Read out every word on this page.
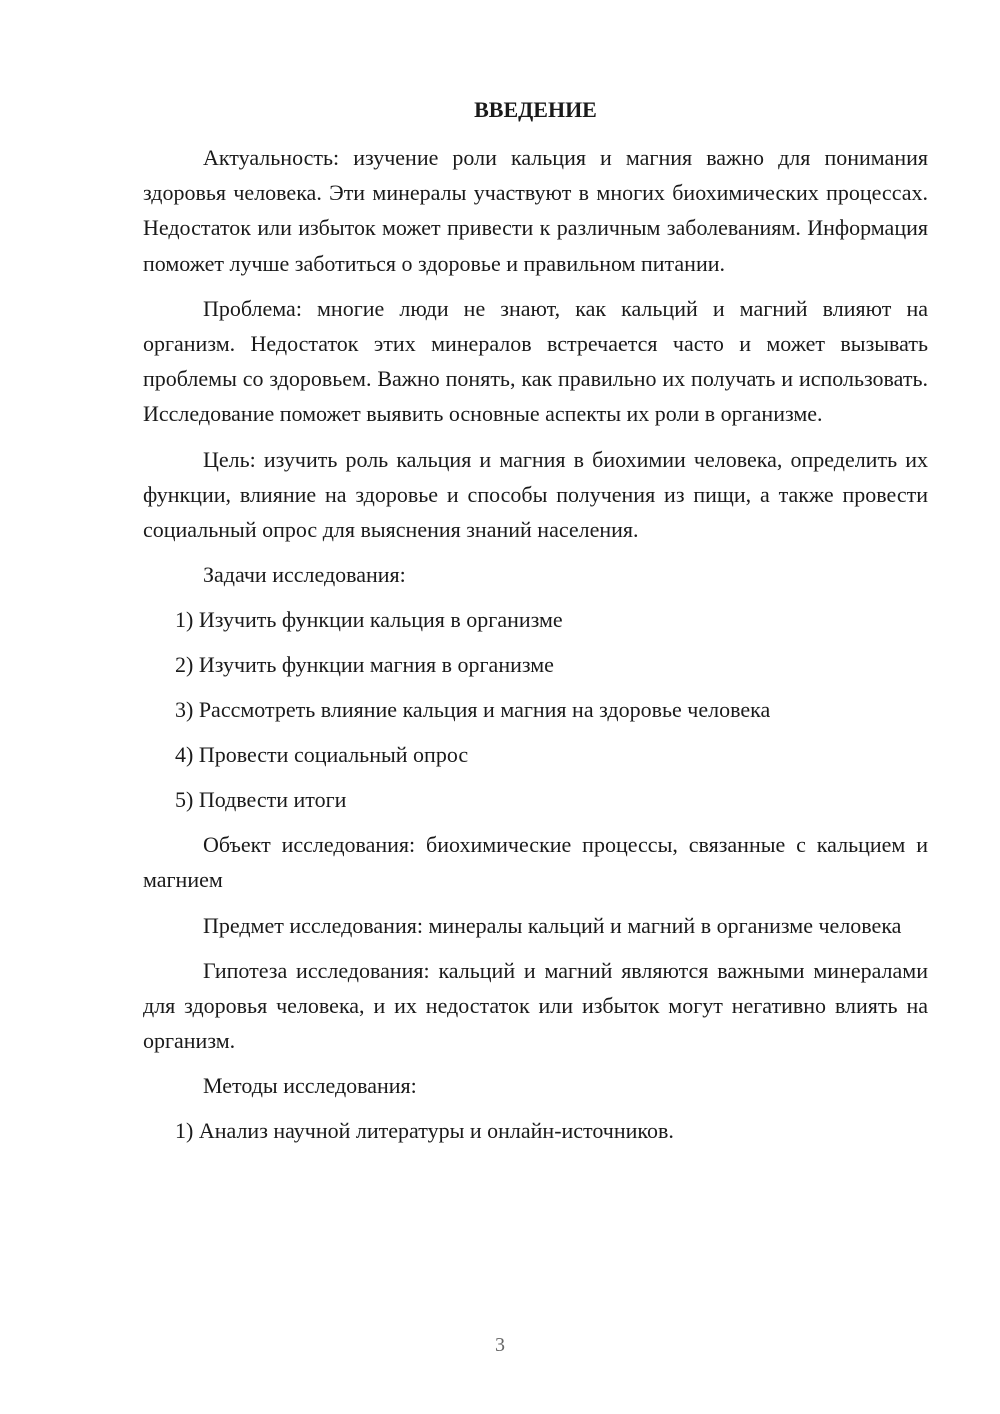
ВВЕДЕНИЕ

Актуальность: изучение роли кальция и магния важно для понимания здоровья человека. Эти минералы участвуют в многих биохимических процессах. Недостаток или избыток может привести к различным заболеваниям. Информация поможет лучше заботиться о здоровье и правильном питании.

Проблема: многие люди не знают, как кальций и магний влияют на организм. Недостаток этих минералов встречается часто и может вызывать проблемы со здоровьем. Важно понять, как правильно их получать и использовать. Исследование поможет выявить основные аспекты их роли в организме.

Цель: изучить роль кальция и магния в биохимии человека, определить их функции, влияние на здоровье и способы получения из пищи, а также провести социальный опрос для выяснения знаний населения.

Задачи исследования:

1) Изучить функции кальция в организме
2) Изучить функции магния в организме
3) Рассмотреть влияние кальция и магния на здоровье человека
4) Провести социальный опрос
5) Подвести итоги

Объект исследования: биохимические процессы, связанные с кальцием и магнием

Предмет исследования: минералы кальций и магний в организме человека

Гипотеза исследования: кальций и магний являются важными минералами для здоровья человека, и их недостаток или избыток могут негативно влиять на организм.

Методы исследования:

1) Анализ научной литературы и онлайн-источников.
3
